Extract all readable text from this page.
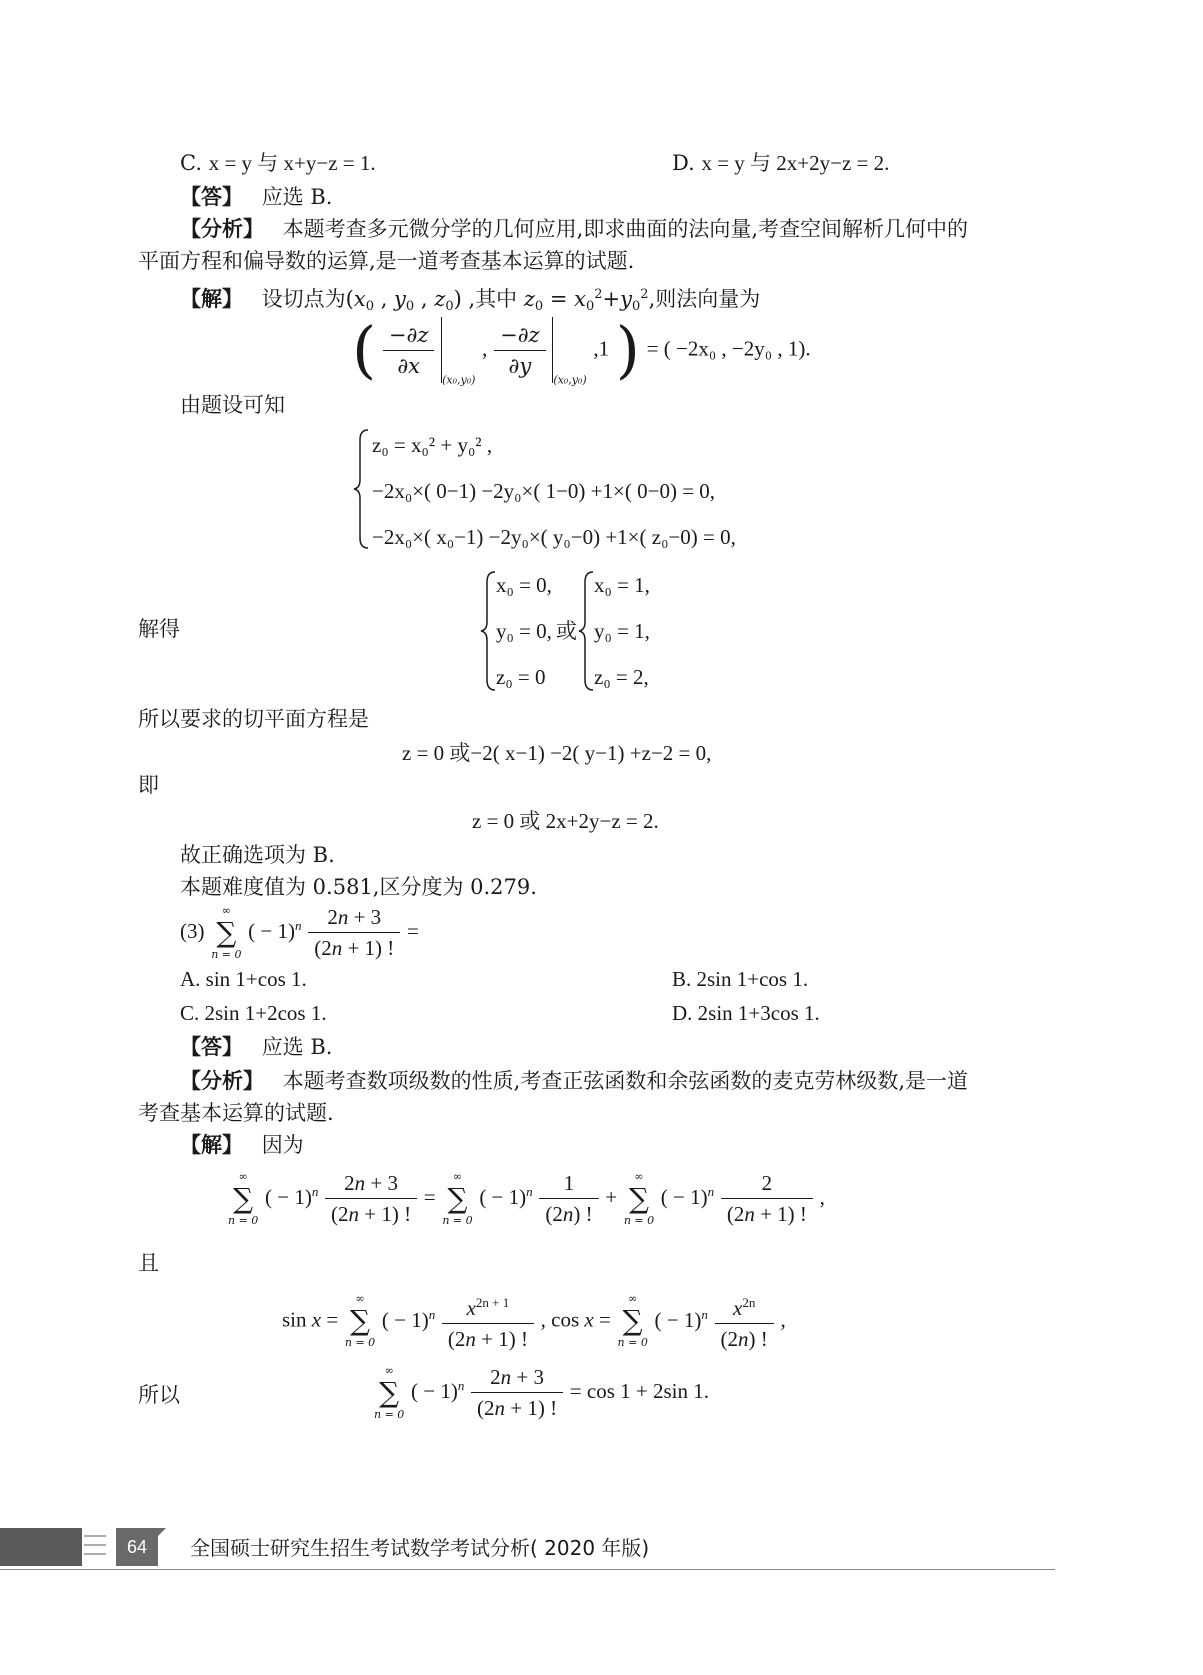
C. x = y 与 x+y−z = 1.	D. x = y 与 2x+2y−z = 2.
【答】 应选 B.
【分析】 本题考查多元微分学的几何应用,即求曲面的法向量,考查空间解析几何中的
平面方程和偏导数的运算,是一道考查基本运算的试题.
【解】 设切点为($x_0$ , $y_0$ , $z_0$) ,其中 $z_0 = x_0^2+y_0^2$,则法向量为
( $\frac{-\partial z}{\partial x} _{(x_0,y_0)}$ , $\frac{-\partial z}{\partial y} _{(x_0,y_0)}$ ,1 ) = ( −2x₀ , −2y₀ , 1).
由题设可知
z₀ = x₀² + y₀² ,
−2x₀×( 0−1) −2y₀×( 1−0) +1×( 0−0) = 0,
−2x₀×( x₀−1) −2y₀×( y₀−0) +1×( z₀−0) = 0,
解得
x₀ = 0,
y₀ = 0,
z₀ = 0
或
x₀ = 1,
y₀ = 1,
z₀ = 2,
所以要求的切平面方程是
z = 0 或−2( x−1) −2( y−1) +z−2 = 0,
即
z = 0 或 2x+2y−z = 2.
故正确选项为 B.
本题难度值为 0.581,区分度为 0.279.
(3)
∞
∑
n = 0
( − $1)^n \frac{2n + 3}{(2n + 1) !}$ =
A. sin 1+cos 1.	B. 2sin 1+cos 1.
C. 2sin 1+2cos 1.	D. 2sin 1+3cos 1.
【答】 应选 B.
【分析】 本题考查数项级数的性质,考查正弦函数和余弦函数的麦克劳林级数,是一道
考查基本运算的试题.
【解】 因为
∞
∑
n = 0
( − $1)^n \frac{2n + 3}{(2n + 1) !}$ =
∞
∑
n = 0
( − $1)^n \frac{1}{(2n) !}$ +
∞
∑
n = 0
( − $1)^n \frac{2}{(2n + 1) !}$ ,
且
sin x =
∞
∑
n = 0
( − $1)^n \frac{x^{2n + 1}}{(2n + 1) !}$ , cos x =
∞
∑
n = 0
( − $1)^n \frac{x^{2n}}{(2n) !}$ ,
所以
∞
∑
n = 0
( − $1)^n \frac{2n + 3}{(2n + 1) !} = \cos 1 + 2\sin$ 1.
64	全国硕士研究生招生考试数学考试分析( 2020 年版)
